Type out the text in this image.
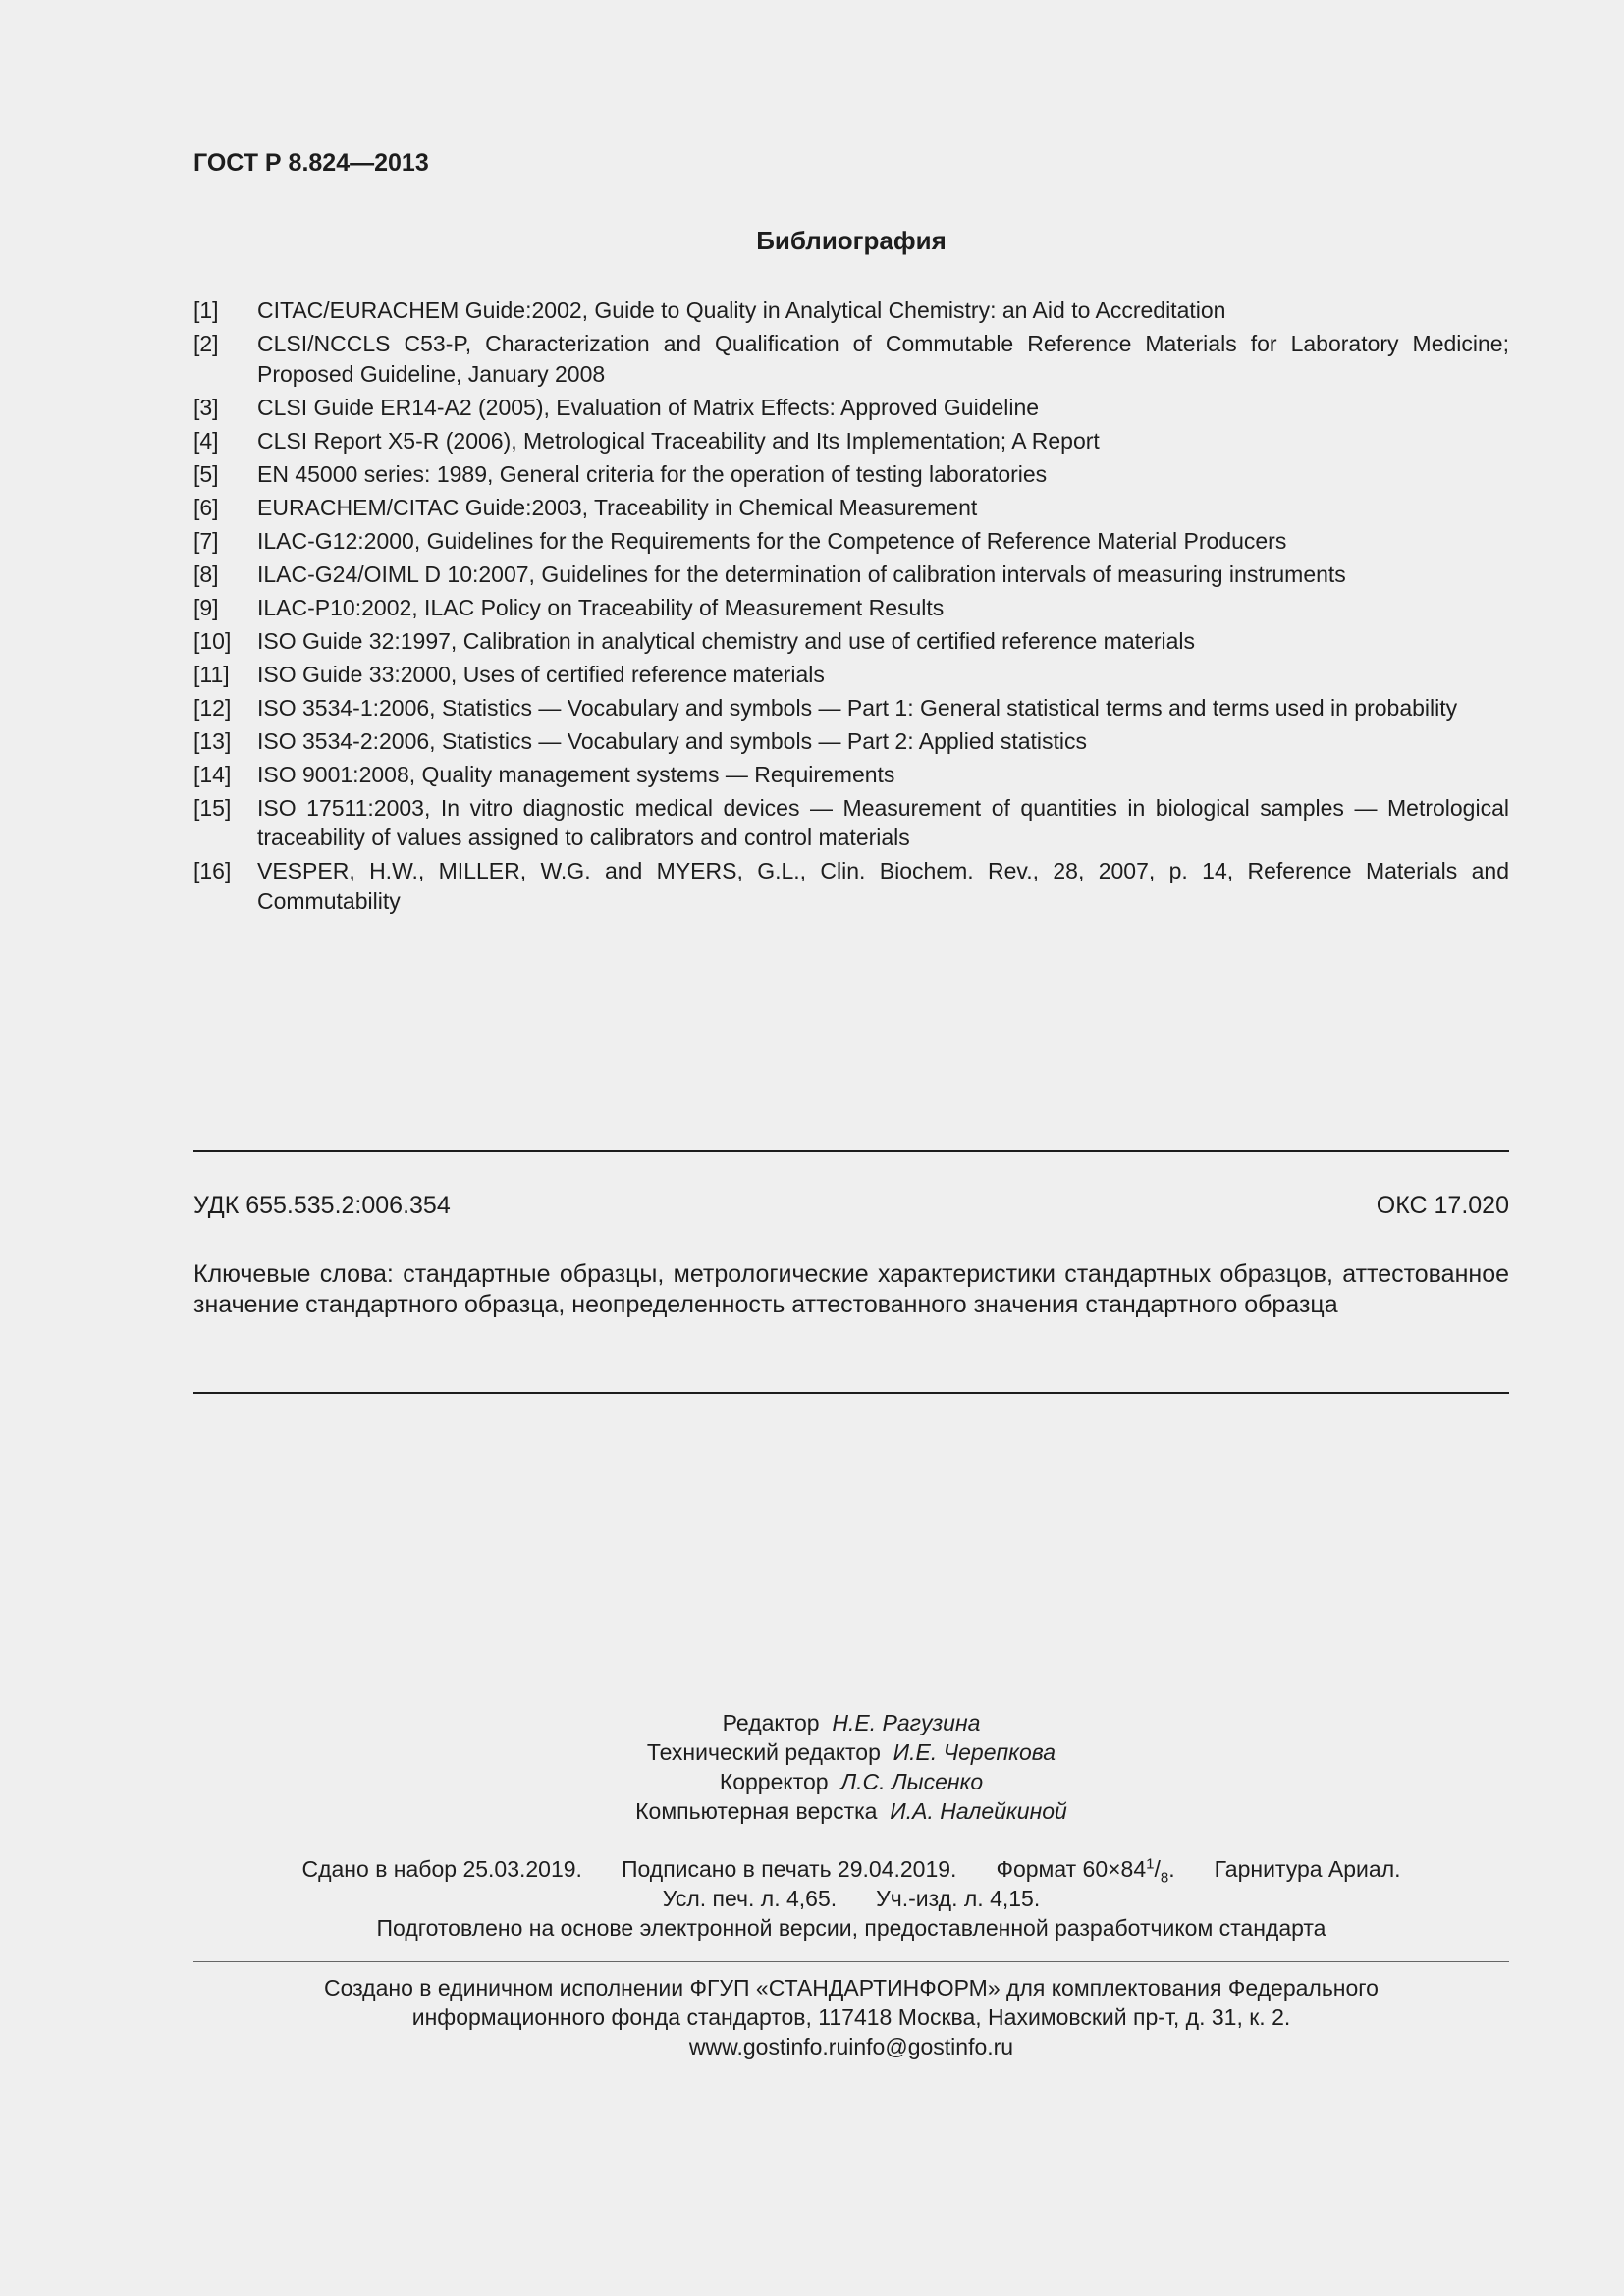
ГОСТ Р 8.824—2013
Библиография
[1] CITAC/EURACHEM Guide:2002, Guide to Quality in Analytical Chemistry: an Aid to Accreditation
[2] CLSI/NCCLS C53-P, Characterization and Qualification of Commutable Reference Materials for Laboratory Medicine; Proposed Guideline, January 2008
[3] CLSI Guide ER14-A2 (2005), Evaluation of Matrix Effects: Approved Guideline
[4] CLSI Report X5-R (2006), Metrological Traceability and Its Implementation; A Report
[5] EN 45000 series: 1989, General criteria for the operation of testing laboratories
[6] EURACHEM/CITAC Guide:2003, Traceability in Chemical Measurement
[7] ILAC-G12:2000, Guidelines for the Requirements for the Competence of Reference Material Producers
[8] ILAC-G24/OIML D 10:2007, Guidelines for the determination of calibration intervals of measuring instruments
[9] ILAC-P10:2002, ILAC Policy on Traceability of Measurement Results
[10] ISO Guide 32:1997, Calibration in analytical chemistry and use of certified reference materials
[11] ISO Guide 33:2000, Uses of certified reference materials
[12] ISO 3534-1:2006, Statistics — Vocabulary and symbols — Part 1: General statistical terms and terms used in probability
[13] ISO 3534-2:2006, Statistics — Vocabulary and symbols — Part 2: Applied statistics
[14] ISO 9001:2008, Quality management systems — Requirements
[15] ISO 17511:2003, In vitro diagnostic medical devices — Measurement of quantities in biological samples — Metrological traceability of values assigned to calibrators and control materials
[16] VESPER, H.W., MILLER, W.G. and MYERS, G.L., Clin. Biochem. Rev., 28, 2007, p. 14, Reference Materials and Commutability
УДК 655.535.2:006.354	ОКС 17.020
Ключевые слова: стандартные образцы, метрологические характеристики стандартных образцов, аттестованное значение стандартного образца, неопределенность аттестованного значения стандартного образца
Редактор Н.Е. Рагузина
Технический редактор И.Е. Черепкова
Корректор Л.С. Лысенко
Компьютерная верстка И.А. Налейкиной
Сдано в набор 25.03.2019. Подписано в печать 29.04.2019. Формат $60\times 84^1/_8$. Гарнитура Ариал.
Усл. печ. л. 4,65. Уч.-изд. л. 4,15.
Подготовлено на основе электронной версии, предоставленной разработчиком стандарта
Создано в единичном исполнении ФГУП «СТАНДАРТИНФОРМ» для комплектования Федерального
информационного фонда стандартов, 117418 Москва, Нахимовский пр-т, д. 31, к. 2.
www.gostinfo.ruinfo@gostinfo.ru
